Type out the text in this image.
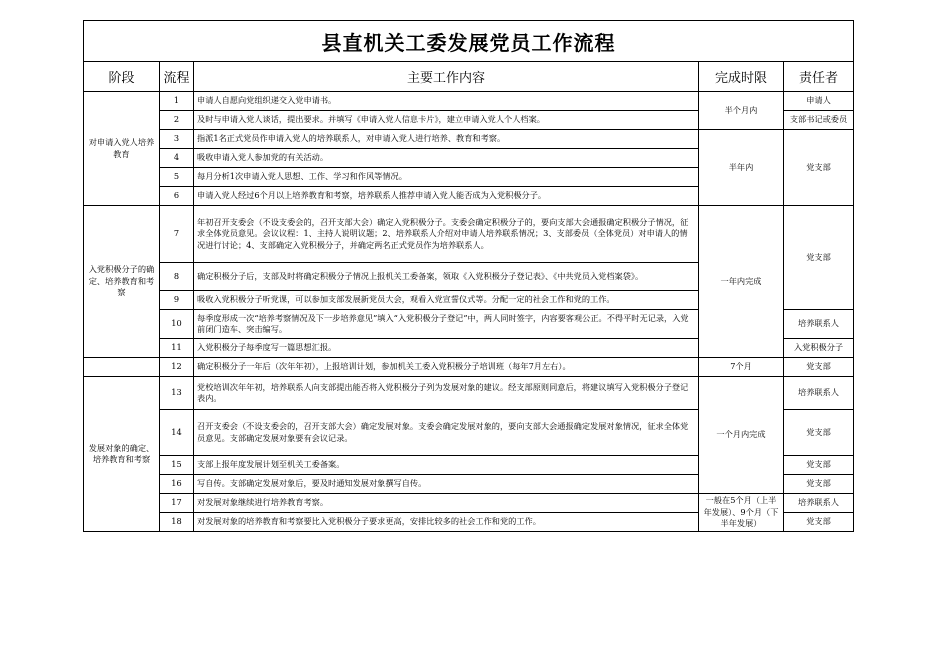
县直机关工委发展党员工作流程				
阶段	流程	主要工作内容	完成时限	责任者
对申请入党人培养教育	1	申请人自愿向党组织递交入党申请书。	半个月内	申请人
	2	及时与申请入党人谈话，提出要求。并填写《申请入党人信息卡片》，建立申请入党人个人档案。		支部书记或委员
	3	指派1名正式党员作申请入党人的培养联系人，对申请入党人进行培养、教育和考察。	半年内	党支部
	4	吸收申请入党人参加党的有关活动。		
	5	每月分析1次申请入党人思想、工作、学习和作风等情况。		
	6	申请入党人经过6个月以上培养教育和考察，培养联系人推荐申请入党人能否成为入党积极分子。		
入党积极分子的确定、培养教育和考察	7	年初召开支委会（不设支委会的，召开支部大会）确定入党积极分子。支委会确定积极分子的，要向支部大会通报确定积极分子情况，征求全体党员意见。会议议程：1、主持人说明议题；2、培养联系人介绍对申请人培养联系情况；3、支部委员（全体党员）对申请人的情况进行讨论；4、支部确定入党积极分子，并确定两名正式党员作为培养联系人。	一年内完成	党支部
	8	确定积极分子后，支部及时将确定积极分子情况上报机关工委备案，领取《入党积极分子登记表》、《中共党员入党档案袋》。		
	9	吸收入党积极分子听党课，可以参加支部发展新党员大会，观看入党宣誓仪式等。分配一定的社会工作和党的工作。		
	10	每季度形成一次“培养考察情况及下一步培养意见”填入“入党积极分子登记”中，两人同时签字，内容要客观公正。不得平时无记录，入党前闭门造车、突击编写。		培养联系人
	11	入党积极分子每季度写一篇思想汇报。		入党积极分子
	12	确定积极分子一年后（次年年初），上报培训计划，参加机关工委入党积极分子培训班（每年7月左右）。	7个月	党支部
发展对象的确定、培养教育和考察	13	党校培训次年年初，培养联系人向支部提出能否将入党积极分子列为发展对象的建议。经支部原则同意后，将建议填写入党积极分子登记表内。	一个月内完成	培养联系人
	14	召开支委会（不设支委会的，召开支部大会）确定发展对象。支委会确定发展对象的，要向支部大会通报确定发展对象情况，征求全体党员意见。支部确定发展对象要有会议记录。		党支部
	15	支部上报年度发展计划至机关工委备案。		党支部
	16	写自传。支部确定发展对象后，要及时通知发展对象撰写自传。		党支部
	17	对发展对象继续进行培养教育考察。	一般在5个月（上半年发展）、9个月（下半年发展）	培养联系人
	18	对发展对象的培养教育和考察要比入党积极分子要求更高，安排比较多的社会工作和党的工作。		党支部
